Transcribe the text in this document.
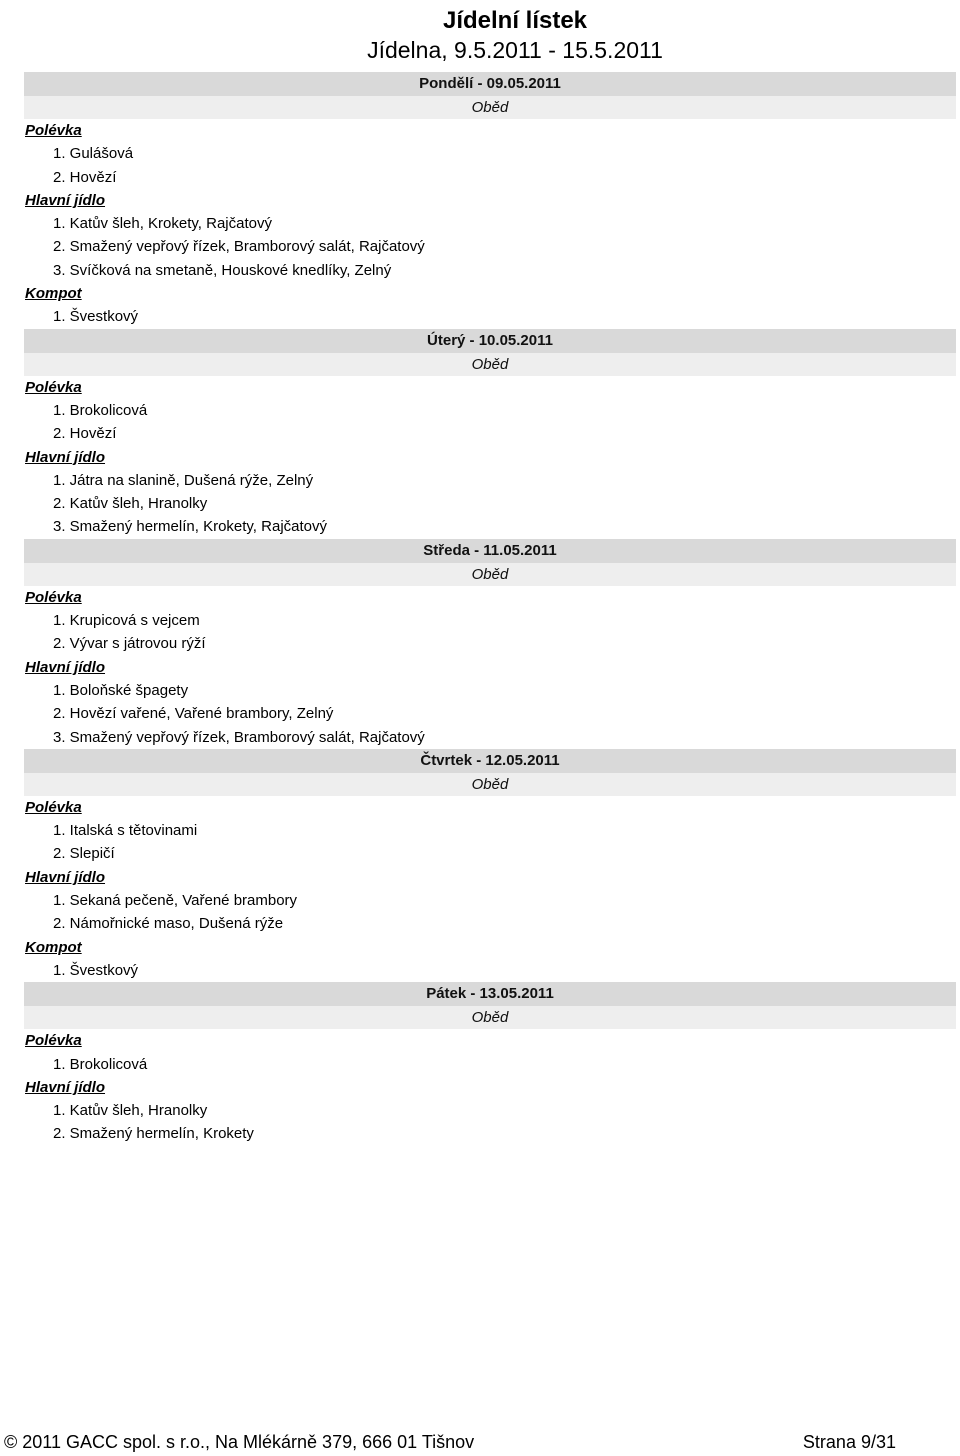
Jídelní lístek
Jídelna, 9.5.2011 - 15.5.2011
Pondělí - 09.05.2011
Oběd
Polévka
1. Gulášová
2. Hovězí
Hlavní jídlo
1. Katův šleh, Krokety, Rajčatový
2. Smažený vepřový řízek, Bramborový salát, Rajčatový
3. Svíčková na smetaně, Houskové knedlíky, Zelný
Kompot
1. Švestkový
Úterý - 10.05.2011
Oběd
Polévka
1. Brokolicová
2. Hovězí
Hlavní jídlo
1. Játra na slanině, Dušená rýže, Zelný
2. Katův šleh, Hranolky
3. Smažený hermelín, Krokety, Rajčatový
Středa - 11.05.2011
Oběd
Polévka
1. Krupicová s vejcem
2. Vývar s játrovou rýží
Hlavní jídlo
1. Boloňské špagety
2. Hovězí vařené, Vařené brambory, Zelný
3. Smažený vepřový řízek, Bramborový salát, Rajčatový
Čtvrtek - 12.05.2011
Oběd
Polévka
1. Italská s tětovinami
2. Slepičí
Hlavní jídlo
1. Sekaná pečeně, Vařené brambory
2. Námořnické maso, Dušená rýže
Kompot
1. Švestkový
Pátek - 13.05.2011
Oběd
Polévka
1. Brokolicová
Hlavní jídlo
1. Katův šleh, Hranolky
2. Smažený hermelín, Krokety
© 2011 GACC spol. s r.o., Na Mlékárně 379, 666 01 Tišnov	Strana 9/31
